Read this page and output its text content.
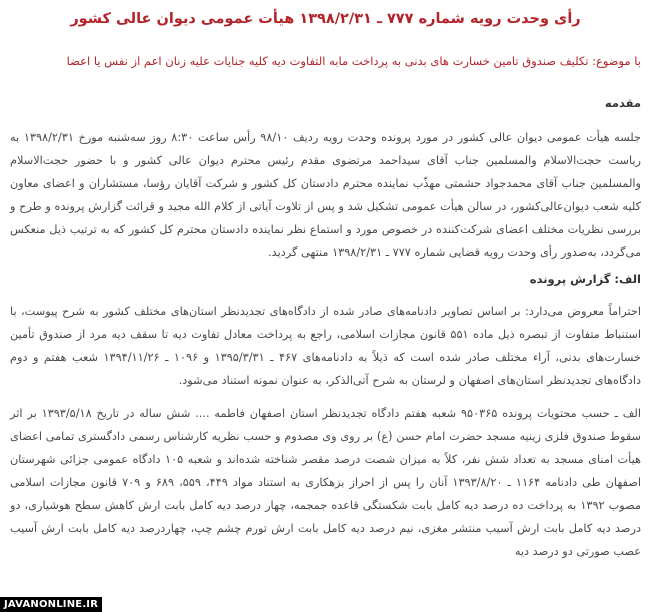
رأی وحدت رویه شماره ۷۷۷ ـ ۱۳۹۸/۲/۳۱ هیأت عمومی دیوان عالی کشور
با موضوع: تکلیف صندوق تامین خسارت های بدنی به پرداخت مابه التفاوت دیه کلیه جنایات علیه زنان اعم از نفس یا اعضا
مقدمه

جلسه هیأت عمومی دیوان عالی کشور در مورد پرونده وحدت رویه ردیف ۹۸/۱۰ رأس ساعت ۸:۳۰ روز سه‌شنبه مورخ ۱۳۹۸/۲/۳۱ به ریاست حجت‌الاسلام والمسلمین جناب آقای سیداحمد مرتضوی مقدم رئیس محترم دیوان عالی کشور و با حضور حجت‌الاسلام والمسلمین جناب آقای محمدجواد حشمتی مهذّب نماینده محترم دادستان کل کشور و شرکت آقایان رؤسا، مستشاران و اعضای معاون کلیه شعب دیوان‌عالی‌کشور، در سالن هیأت عمومی تشکیل شد و پس از تلاوت آیاتی از کلام الله مجید و قرائت گزارش پرونده و طرح و بررسی نظریات مختلف اعضای شرکت‌کننده در خصوص مورد و استماع نظر نماینده دادستان محترم کل کشور که به ترتیب ذیل منعکس می‌گردد، به‌صدور رأی وحدت رویه قضایی شماره ۷۷۷ ـ ۱۳۹۸/۲/۳۱ منتهی گردید.

الف: گزارش پرونده

احتراماً معروض می‌دارد: بر اساس تصاویر دادنامه‌های صادر شده از دادگاه‌های تجدیدنظر استان‌های مختلف کشور به شرح پیوست، با استنباط متفاوت از تبصره ذیل ماده ۵۵۱ قانون مجازات اسلامی، راجع به پرداخت معادل تفاوت دیه تا سقف دیه مرد از صندوق تأمین خسارت‌های بدنی، آراء مختلف صادر شده است که ذیلاً به دادنامه‌های ۴۶۷ ـ ۱۳۹۵/۳/۳۱ و ۱۰۹۶ ـ ۱۳۹۴/۱۱/۲۶ شعب هفتم و دوم دادگاه‌های تجدیدنظر استان‌های اصفهان و لرستان به شرح آتی‌الذکر، به عنوان نمونه استناد می‌شود.

الف ـ حسب محتویات پرونده ۹۵۰۳۶۵ شعبه هفتم دادگاه تجدیدنظر استان اصفهان فاطمه .... شش ساله در تاریخ ۱۳۹۳/۵/۱۸ بر اثر سقوط صندوق فلزی زینیه مسجد حضرت امام حسن (ع) بر روی وی مصدوم و حسب نظریه کارشناس رسمی دادگستری تمامی اعضای هیأت امنای مسجد به تعداد شش نفر، کلاً به میزان شصت درصد مقصر شناخته شده‌اند و شعبه ۱۰۵ دادگاه عمومی جزائی شهرستان اصفهان طی دادنامه ۱۱۶۴ ـ ۱۳۹۳/۸/۲۰ آنان را پس از احراز بزهکاری به استناد مواد ۴۴۹، ۵۵۹، ۶۸۹ و ۷۰۹ قانون مجازات اسلامی مصوب ۱۳۹۲ به پرداخت ده درصد دیه کامل بابت شکستگی قاعده جمجمه، چهار درصد دیه کامل بابت ارش کاهش سطح هوشیاری، دو درصد دیه کامل بابت ارش آسیب منتشر مغزی، نیم درصد دیه کامل بابت ارش تورم چشم چپ، چهاردرصد دیه کامل بابت ارش آسیب عصب صورتی دو درصد دیه

JAVANONLINE.IR
